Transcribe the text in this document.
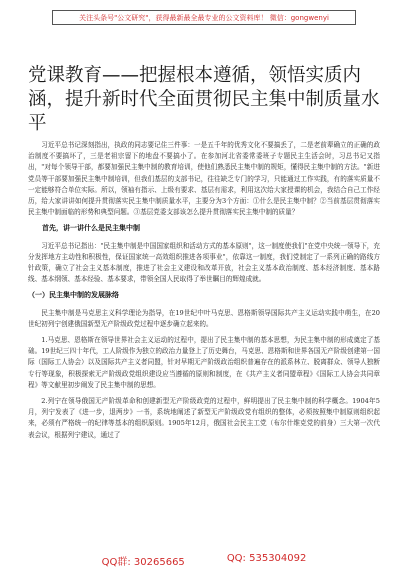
关注头条号"公文研究"，获得最新最全最专业的公文资料库！ 微信：gongwenyi
党课教育——把握根本遵循，领悟实质内涵，提升新时代全面贯彻民主集中制质量水平

习近平总书记深刻指出，执政的同志要记住三件事：一是五千年的优秀文化不要搞丢了，二是老前辈确立的正确的政治制度不要搞坏了，三是老祖宗留下的地盘不要搞小了。在参加河北省委常委班子专题民主生活会时，习总书记又指出，"对每个领导干部，都要加强民主集中制的教育培训，使他们熟悉民主集中制的规矩，懂得民主集中制的方法。"新进党员等干部要加强民主集中制培训，但我们基层的支部书记，往往缺乏专门的学习，只能通过工作实践，有的落实质量不一定能够符合单位实际。所以，领袖有指示、上级有要求、基层有需求，利用这次给大家授课的机会，我结合自己工作经历，给大家讲讲如何提升贯彻落实民主集中制质量水平，主要分为3个方面：①什么是民主集中制？②当前基层贯彻落实民主集中制面临的形势和典型问题。③基层党委支部该怎么提升贯彻落实民主集中制的质量？

首先，讲一讲什么是民主集中制

习近平总书记指出："民主集中制是中国国家组织和活动方式的基本原则"，这一制度使我们"在党中央统一领导下，充分发挥地方主动性和积极性，保证国家统一高效组织推进各项事业"，依靠这一制度，我们党制定了一系列正确的路线方针政策，确立了社会主义基本制度，推进了社会主义建设和改革开放，社会主义基本政治制度、基本经济制度、基本路线、基本纲领、基本经验、基本要求，带领全国人民取得了举世瞩目的辉煌成就。

（一）民主集中制的发展脉络

民主集中制是马克思主义科学理论为指导，在19世纪中叶马克思、恩格斯领导国际共产主义运动实践中萌生，在20世纪初列宁创建俄国新型无产阶级政党过程中逐步确立起来的。

1.马克思、恩格斯在领导世界社会主义运动的过程中，提出了民主集中制的基本思想，为民主集中制的形成奠定了基础。19世纪三四十年代，工人阶级作为独立的政治力量登上了历史舞台，马克思、恩格斯和世界各国无产阶级创建第一国际（国际工人协会）以及国际共产主义者同盟，针对早期无产阶级政治组织普遍存在的派系林立、脱离群众、领导人独断专行等现象，积极探索无产阶级政党组织建设应当遵循的原则和制度，在《共产主义者同盟章程》《国际工人协会共同章程》等文献里初步阐发了民主集中制的思想。

2.列宁在领导俄国无产阶级革命和创建新型无产阶级政党的过程中，鲜明提出了民主集中制的科学概念。1904年5月，列宁发表了《进一步，退两步》一书，系统地阐述了新型无产阶级政党有组织的整体，必须按照集中制原则组织起来，必须有严格统一的纪律等基本的组织原则。1905年12月，俄国社会民主工党（布尔什维克党的前身）三大第一次代表会议，根据列宁建议，通过了

QQ群: 30265665	QQ: 535304092
